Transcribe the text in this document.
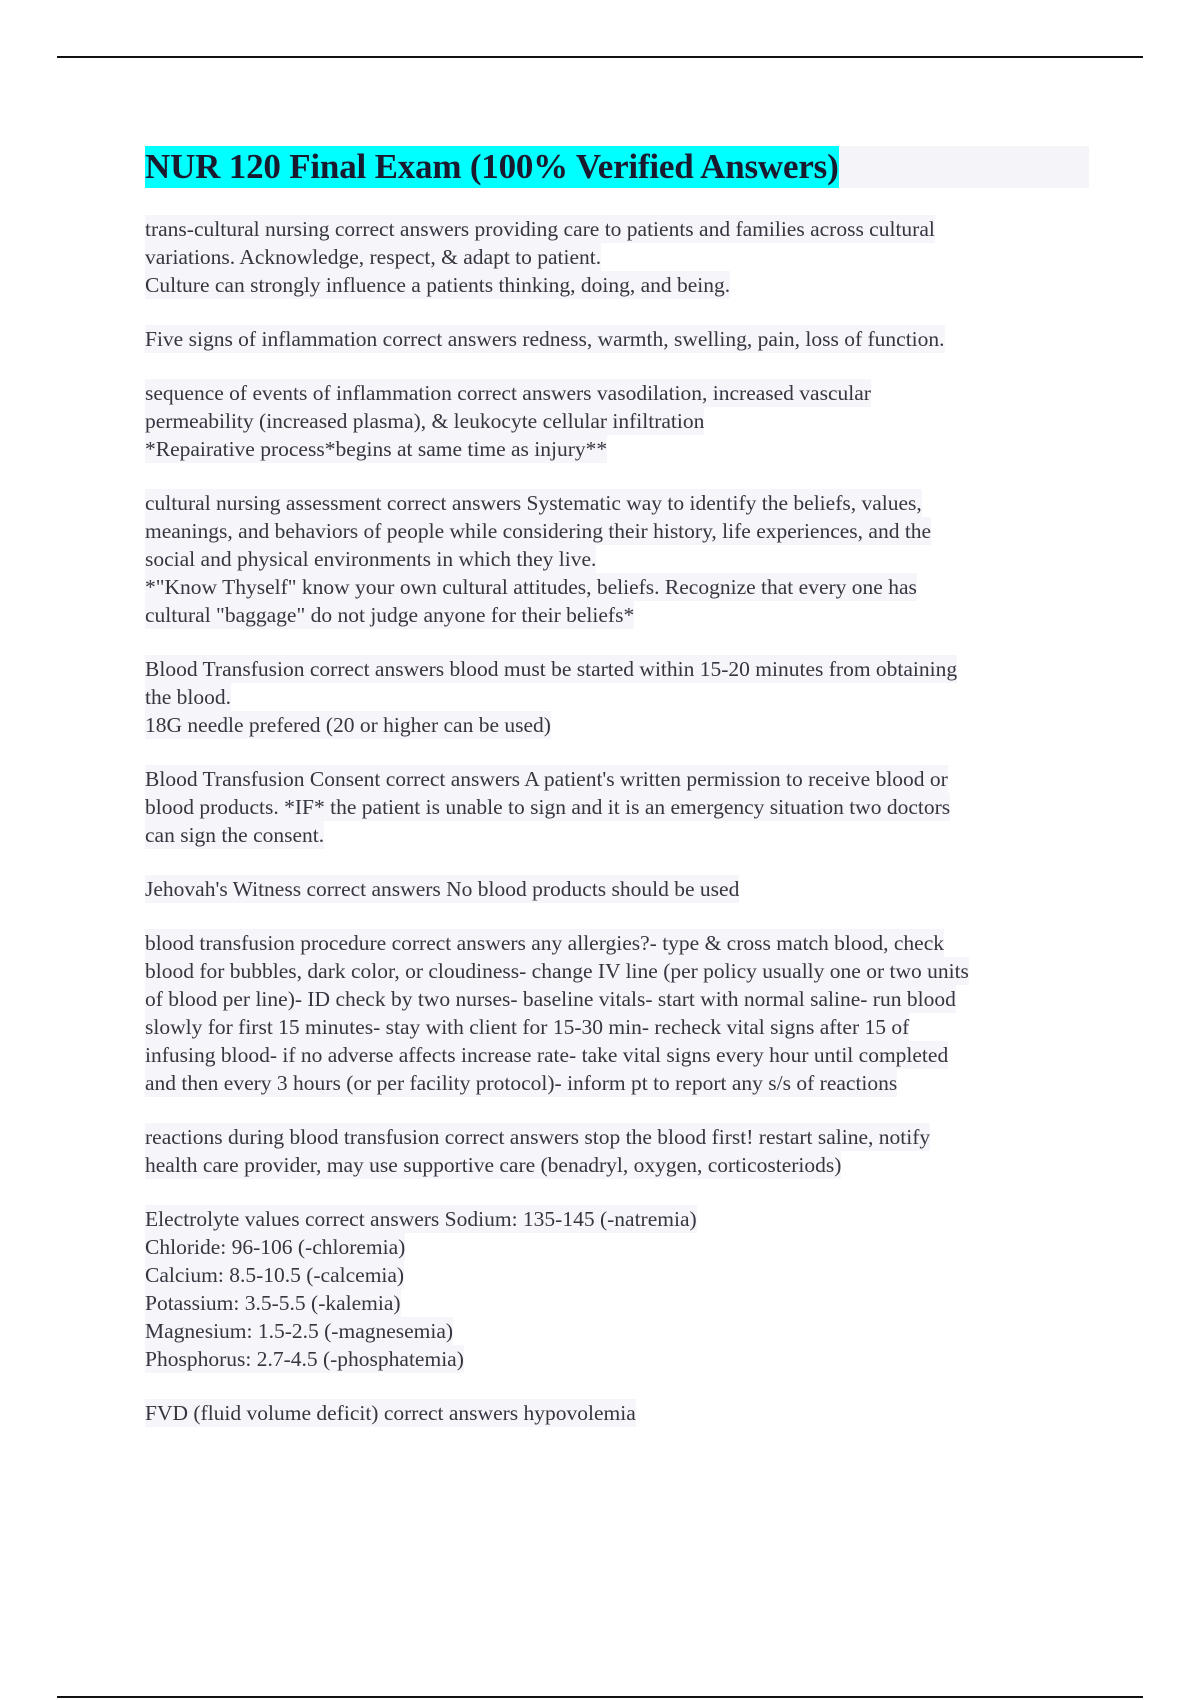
NUR 120 Final Exam (100% Verified Answers)
trans-cultural nursing correct answers providing care to patients and families across cultural
variations. Acknowledge, respect, & adapt to patient.
Culture can strongly influence a patients thinking, doing, and being.
Five signs of inflammation correct answers redness, warmth, swelling, pain, loss of function.
sequence of events of inflammation correct answers vasodilation, increased vascular
permeability (increased plasma), & leukocyte cellular infiltration
*Repairative process*begins at same time as injury**
cultural nursing assessment correct answers Systematic way to identify the beliefs, values,
meanings, and behaviors of people while considering their history, life experiences, and the
social and physical environments in which they live.
*"Know Thyself" know your own cultural attitudes, beliefs. Recognize that every one has
cultural "baggage" do not judge anyone for their beliefs*
Blood Transfusion correct answers blood must be started within 15-20 minutes from obtaining
the blood.
18G needle prefered (20 or higher can be used)
Blood Transfusion Consent correct answers A patient's written permission to receive blood or
blood products. *IF* the patient is unable to sign and it is an emergency situation two doctors
can sign the consent.
Jehovah's Witness correct answers No blood products should be used
blood transfusion procedure correct answers any allergies?- type & cross match blood, check
blood for bubbles, dark color, or cloudiness- change IV line (per policy usually one or two units
of blood per line)- ID check by two nurses- baseline vitals- start with normal saline- run blood
slowly for first 15 minutes- stay with client for 15-30 min- recheck vital signs after 15 of
infusing blood- if no adverse affects increase rate- take vital signs every hour until completed
and then every 3 hours (or per facility protocol)- inform pt to report any s/s of reactions
reactions during blood transfusion correct answers stop the blood first! restart saline, notify
health care provider, may use supportive care (benadryl, oxygen, corticosteriods)
Electrolyte values correct answers Sodium: 135-145 (-natremia)
Chloride: 96-106 (-chloremia)
Calcium: 8.5-10.5 (-calcemia)
Potassium: 3.5-5.5 (-kalemia)
Magnesium: 1.5-2.5 (-magnesemia)
Phosphorus: 2.7-4.5 (-phosphatemia)
FVD (fluid volume deficit) correct answers hypovolemia
